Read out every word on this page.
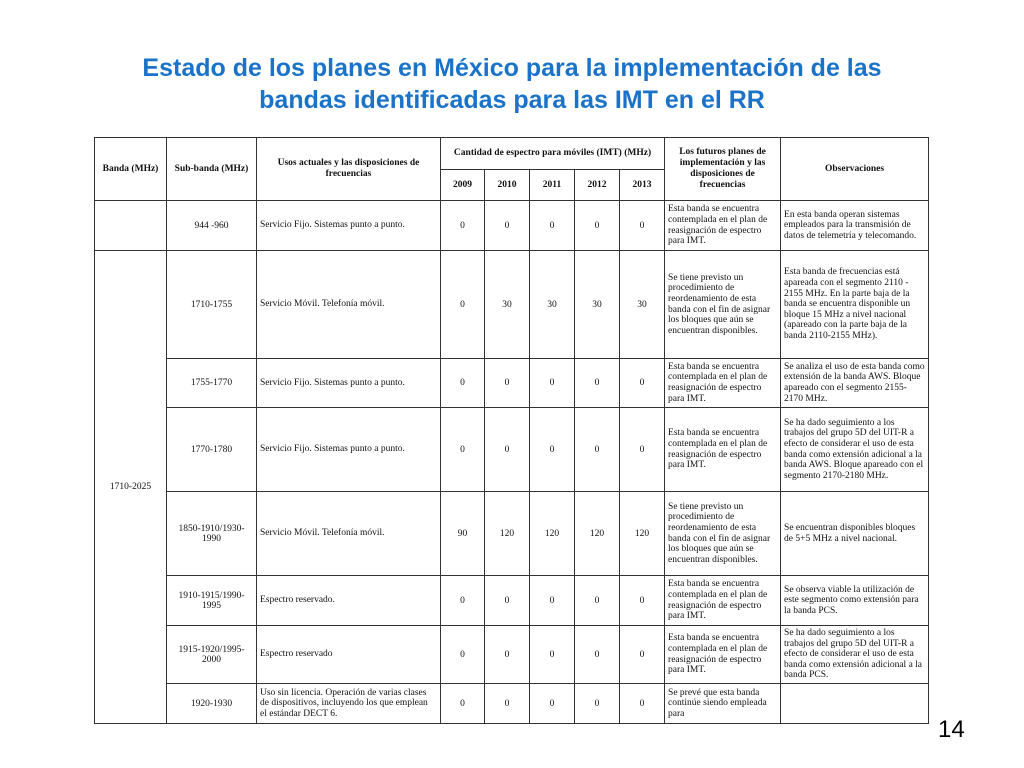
Estado de los planes en México para la implementación de las
bandas identificadas para las IMT en el RR
Banda (MHz)	Sub-banda (MHz)	Usos actuales y las disposiciones de frecuencias	Cantidad de espectro para móviles (IMT) (MHz)					Los futuros planes de implementación y las disposiciones de frecuencias	Observaciones
			2009	2010	2011	2012	2013		
	944 -960	Servicio Fijo. Sistemas punto a punto.	0	0	0	0	0	Esta banda se encuentra contemplada en el plan de reasignación de espectro para IMT.	En esta banda operan sistemas empleados para la transmisión de datos de telemetría y telecomando.
1710-2025	1710-1755	Servicio Móvil. Telefonía móvil.	0	30	30	30	30	Se tiene previsto un procedimiento de reordenamiento de esta banda con el fin de asignar los bloques que aún se encuentran disponibles.	Esta banda de frecuencias está apareada con el segmento 2110 - 2155 MHz. En la parte baja de la banda se encuentra disponible un bloque 15 MHz a nivel nacional (apareado con la parte baja de la banda 2110-2155 MHz).
	1755-1770	Servicio Fijo. Sistemas punto a punto.	0	0	0	0	0	Esta banda se encuentra contemplada en el plan de reasignación de espectro para IMT.	Se analiza el uso de esta banda como extensión de la banda AWS. Bloque apareado con el segmento 2155-2170 MHz.
	1770-1780	Servicio Fijo. Sistemas punto a punto.	0	0	0	0	0	Esta banda se encuentra contemplada en el plan de reasignación de espectro para IMT.	Se ha dado seguimiento a los trabajos del grupo 5D del UIT-R a efecto de considerar el uso de esta banda como extensión adicional a la banda AWS. Bloque apareado con el segmento 2170-2180 MHz.
	1850-1910/1930-1990	Servicio Móvil. Telefonía móvil.	90	120	120	120	120	Se tiene previsto un procedimiento de reordenamiento de esta banda con el fin de asignar los bloques que aún se encuentran disponibles.	Se encuentran disponibles bloques de 5+5 MHz a nivel nacional.
	1910-1915/1990-1995	Espectro reservado.	0	0	0	0	0	Esta banda se encuentra contemplada en el plan de reasignación de espectro para IMT.	Se observa viable la utilización de este segmento como extensión para la banda PCS.
	1915-1920/1995-2000	Espectro reservado	0	0	0	0	0	Esta banda se encuentra contemplada en el plan de reasignación de espectro para IMT.	Se ha dado seguimiento a los trabajos del grupo 5D del UIT-R a efecto de considerar el uso de esta banda como extensión adicional a la banda PCS.
	1920-1930	Uso sin licencia. Operación de varias clases de dispositivos, incluyendo los que emplean el estándar DECT 6.	0	0	0	0	0	Se prevé que esta banda continúe siendo empleada para	
14
